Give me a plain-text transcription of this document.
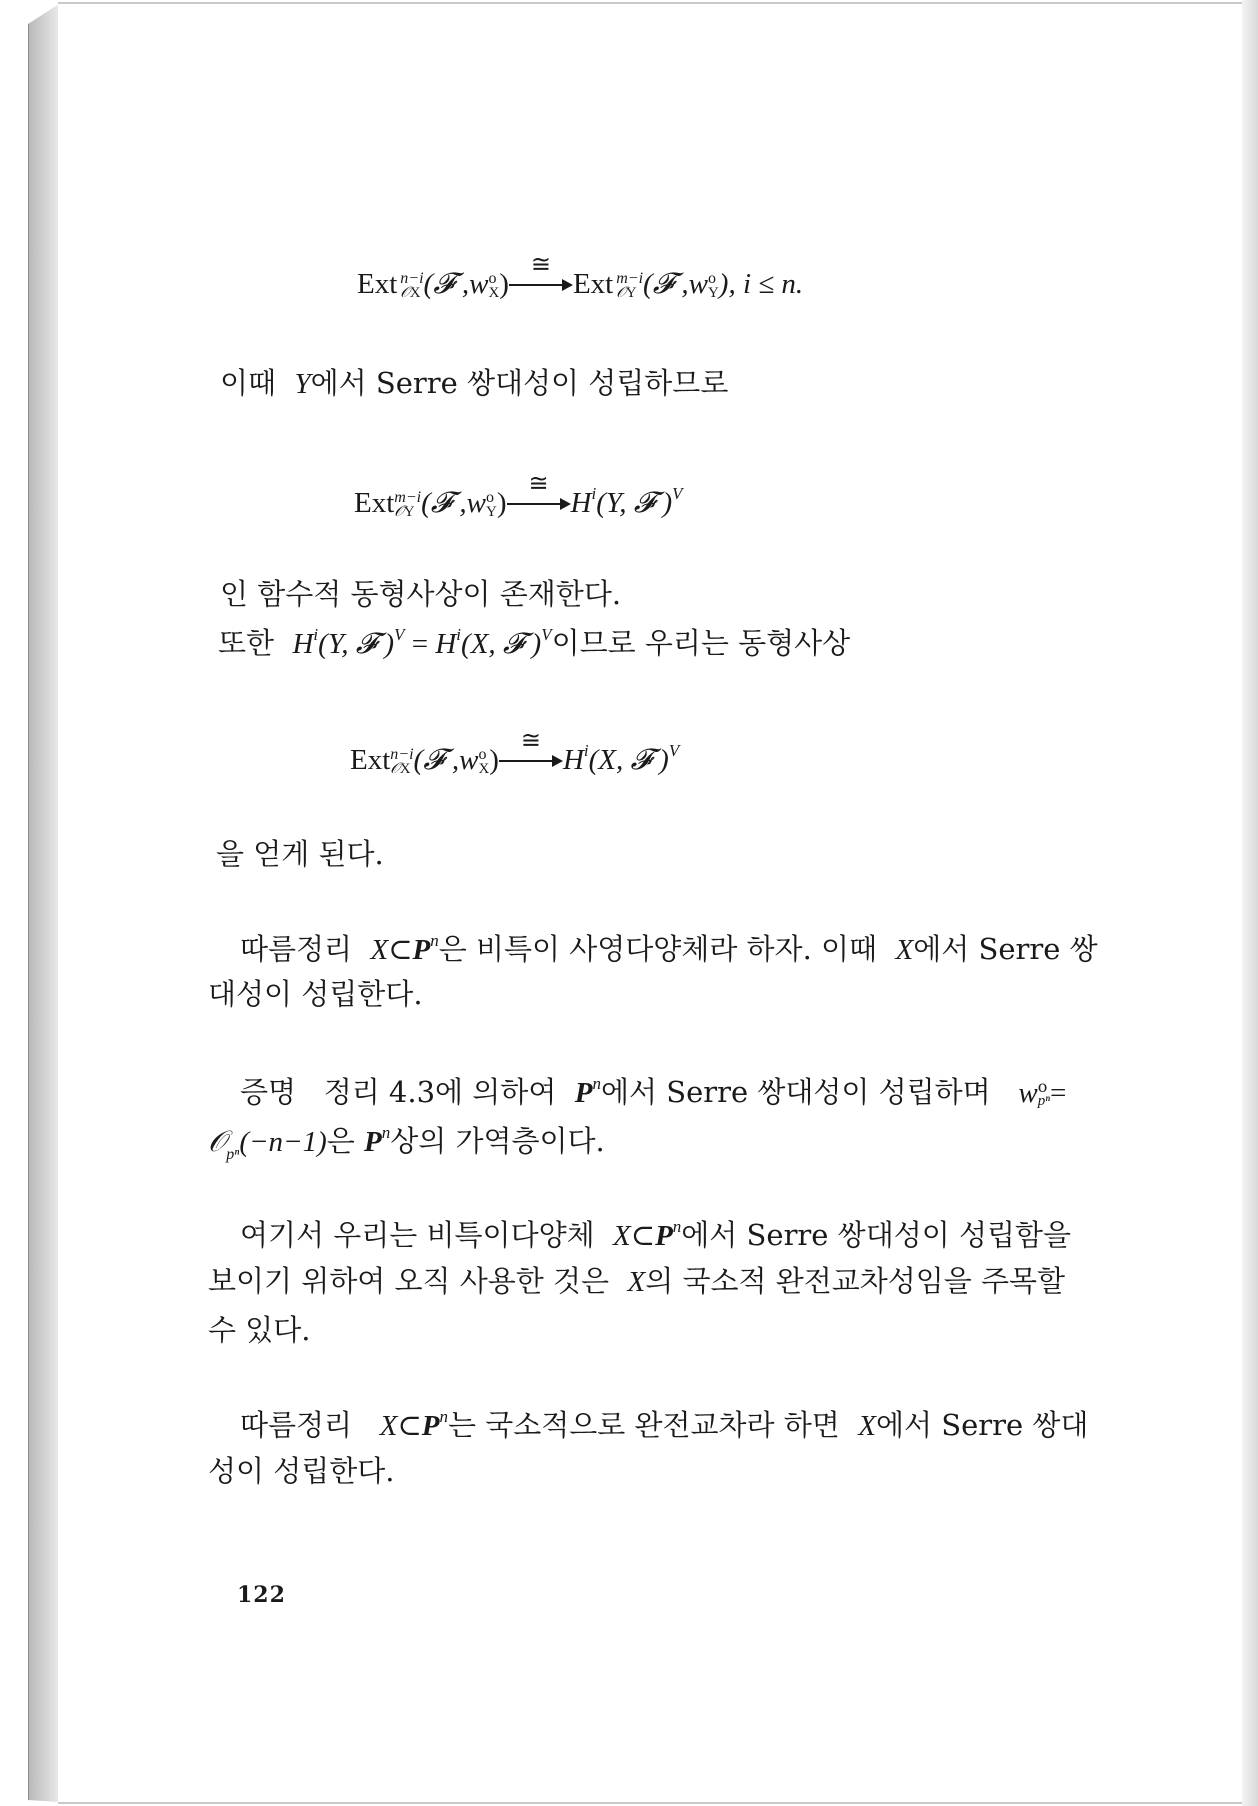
Ext n−i
𝒪X (𝓕 ,w o
X )
≅
Ext m−i
𝒪Y (𝓕 ,w o
Y ), i ≤ n.
이때 Y에서 Serre 쌍대성이 성립하므로
Ext m−i
𝒪Y (𝓕 ,w o
Y )
≅
$H^i(Y$, 𝓕 )$^V$
인 함수적 동형사상이 존재한다.
또한 $H^i(Y$, 𝓕 )$^V = H^i(X$, 𝓕 )$^V$이므로 우리는 동형사상
Ext n−i
𝒪X (𝓕 ,w o
X )
≅
$H^i(X$, 𝓕 )$^V$
을 얻게 된다.
따름정리 $X\subset P^n$은 비특이 사영다양체라 하자. 이때 X에서 Serre 쌍
대성이 성립한다.
증명 정리 4.3에 의하여 $P^n$에서 Serre 쌍대성이 성립하며 w o
pⁿ =
𝒪$_{p^n}$(−n−1)은 $P^n$상의 가역층이다.
여기서 우리는 비특이다양체 $X\subset P^n$에서 Serre 쌍대성이 성립함을
보이기 위하여 오직 사용한 것은 X의 국소적 완전교차성임을 주목할
수 있다.
따름정리 $X\subset P^n$는 국소적으로 완전교차라 하면 X에서 Serre 쌍대
성이 성립한다.
122
